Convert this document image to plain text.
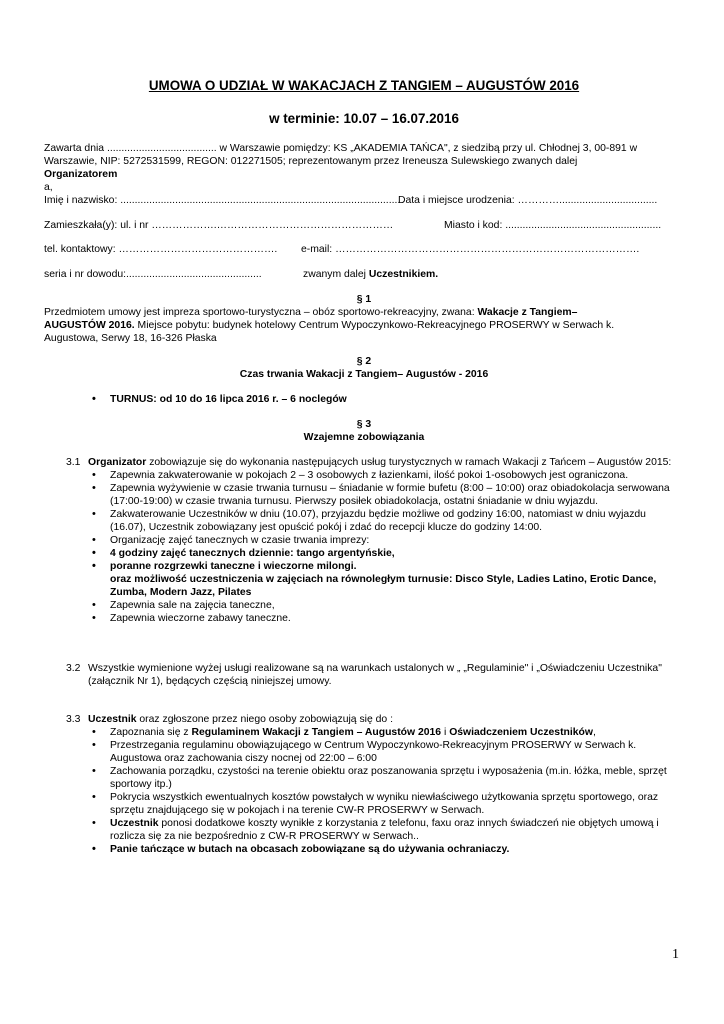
UMOWA O UDZIAŁ W WAKACJACH Z TANGIEM – AUGUSTÓW 2016
w terminie: 10.07 – 16.07.2016
Zawarta dnia ...................................... w Warszawie pomiędzy: KS „AKADEMIA TAŃCA", z siedzibą przy ul. Chłodnej 3, 00-891 w
Warszawie, NIP: 5272531599, REGON: 012271505; reprezentowanym przez Ireneusza Sulewskiego zwanych dalej
Organizatorem
a,
Imię i nazwisko: .................................................................................................
Data i miejsce urodzenia: …………..................................
Zamieszkała(y): ul. i nr ……………….……………………………………………	Miasto i kod: ......................................................
tel. kontaktowy: ………………………………………. e-mail: …………………………………………………………………………….
seria i nr dowodu:...............................................	zwanym dalej Uczestnikiem.
§ 1
Przedmiotem umowy jest impreza sportowo-turystyczna – obóz sportowo-rekreacyjny, zwana: Wakacje z Tangiem–
AUGUSTÓW 2016. Miejsce pobytu: budynek hotelowy Centrum Wypoczynkowo-Rekreacyjnego PROSERWY w Serwach k.
Augustowa, Serwy 18, 16-326 Płaska
§ 2
Czas trwania Wakacji z Tangiem– Augustów - 2016
• TURNUS: od 10 do 16 lipca 2016 r. – 6 noclegów
§ 3
Wzajemne zobowiązania
3.1 Organizator zobowiązuje się do wykonania następujących usług turystycznych w ramach Wakacji z Tańcem – Augustów 2015:
• Zapewnia zakwaterowanie w pokojach 2 – 3 osobowych z łazienkami, ilość pokoi 1-osobowych jest ograniczona.
• Zapewnia wyżywienie w czasie trwania turnusu – śniadanie w formie bufetu (8:00 – 10:00) oraz obiadokolacja serwowana (17:00-19:00) w czasie trwania turnusu. Pierwszy posiłek obiadokolacja, ostatni śniadanie w dniu wyjazdu.
• Zakwaterowanie Uczestników w dniu (10.07), przyjazdu będzie możliwe od godziny 16:00, natomiast w dniu wyjazdu (16.07), Uczestnik zobowiązany jest opuścić pokój i zdać do recepcji klucze do godziny 14:00.
• Organizację zajęć tanecznych w czasie trwania imprezy:
• 4 godziny zajęć tanecznych dziennie: tango argentyńskie,
• poranne rozgrzewki taneczne i wieczorne milongi.
oraz możliwość uczestniczenia w zajęciach na równoległym turnusie: Disco Style, Ladies Latino, Erotic Dance, Zumba, Modern Jazz, Pilates
• Zapewnia sale na zajęcia taneczne,
• Zapewnia wieczorne zabawy taneczne.
3.2 Wszystkie wymienione wyżej usługi realizowane są na warunkach ustalonych w „ „Regulaminie" i „Oświadczeniu Uczestnika" (załącznik Nr 1), będących częścią niniejszej umowy.
3.3 Uczestnik oraz zgłoszone przez niego osoby zobowiązują się do :
• Zapoznania się z Regulaminem Wakacji z Tangiem – Augustów 2016 i Oświadczeniem Uczestników,
• Przestrzegania regulaminu obowiązującego w Centrum Wypoczynkowo-Rekreacyjnym PROSERWY w Serwach k. Augustowa oraz zachowania ciszy nocnej od 22:00 – 6:00
• Zachowania porządku, czystości na terenie obiektu oraz poszanowania sprzętu i wyposażenia (m.in. łóżka, meble, sprzęt sportowy itp.)
• Pokrycia wszystkich ewentualnych kosztów powstałych w wyniku niewłaściwego użytkowania sprzętu sportowego, oraz sprzętu znajdującego się w pokojach i na terenie CW-R PROSERWY w Serwach.
• Uczestnik ponosi dodatkowe koszty wynikłe z korzystania z telefonu, faxu oraz innych świadczeń nie objętych umową i rozlicza się za nie bezpośrednio z CW-R PROSERWY w Serwach..
• Panie tańczące w butach na obcasach zobowiązane są do używania ochraniaczy.
1
